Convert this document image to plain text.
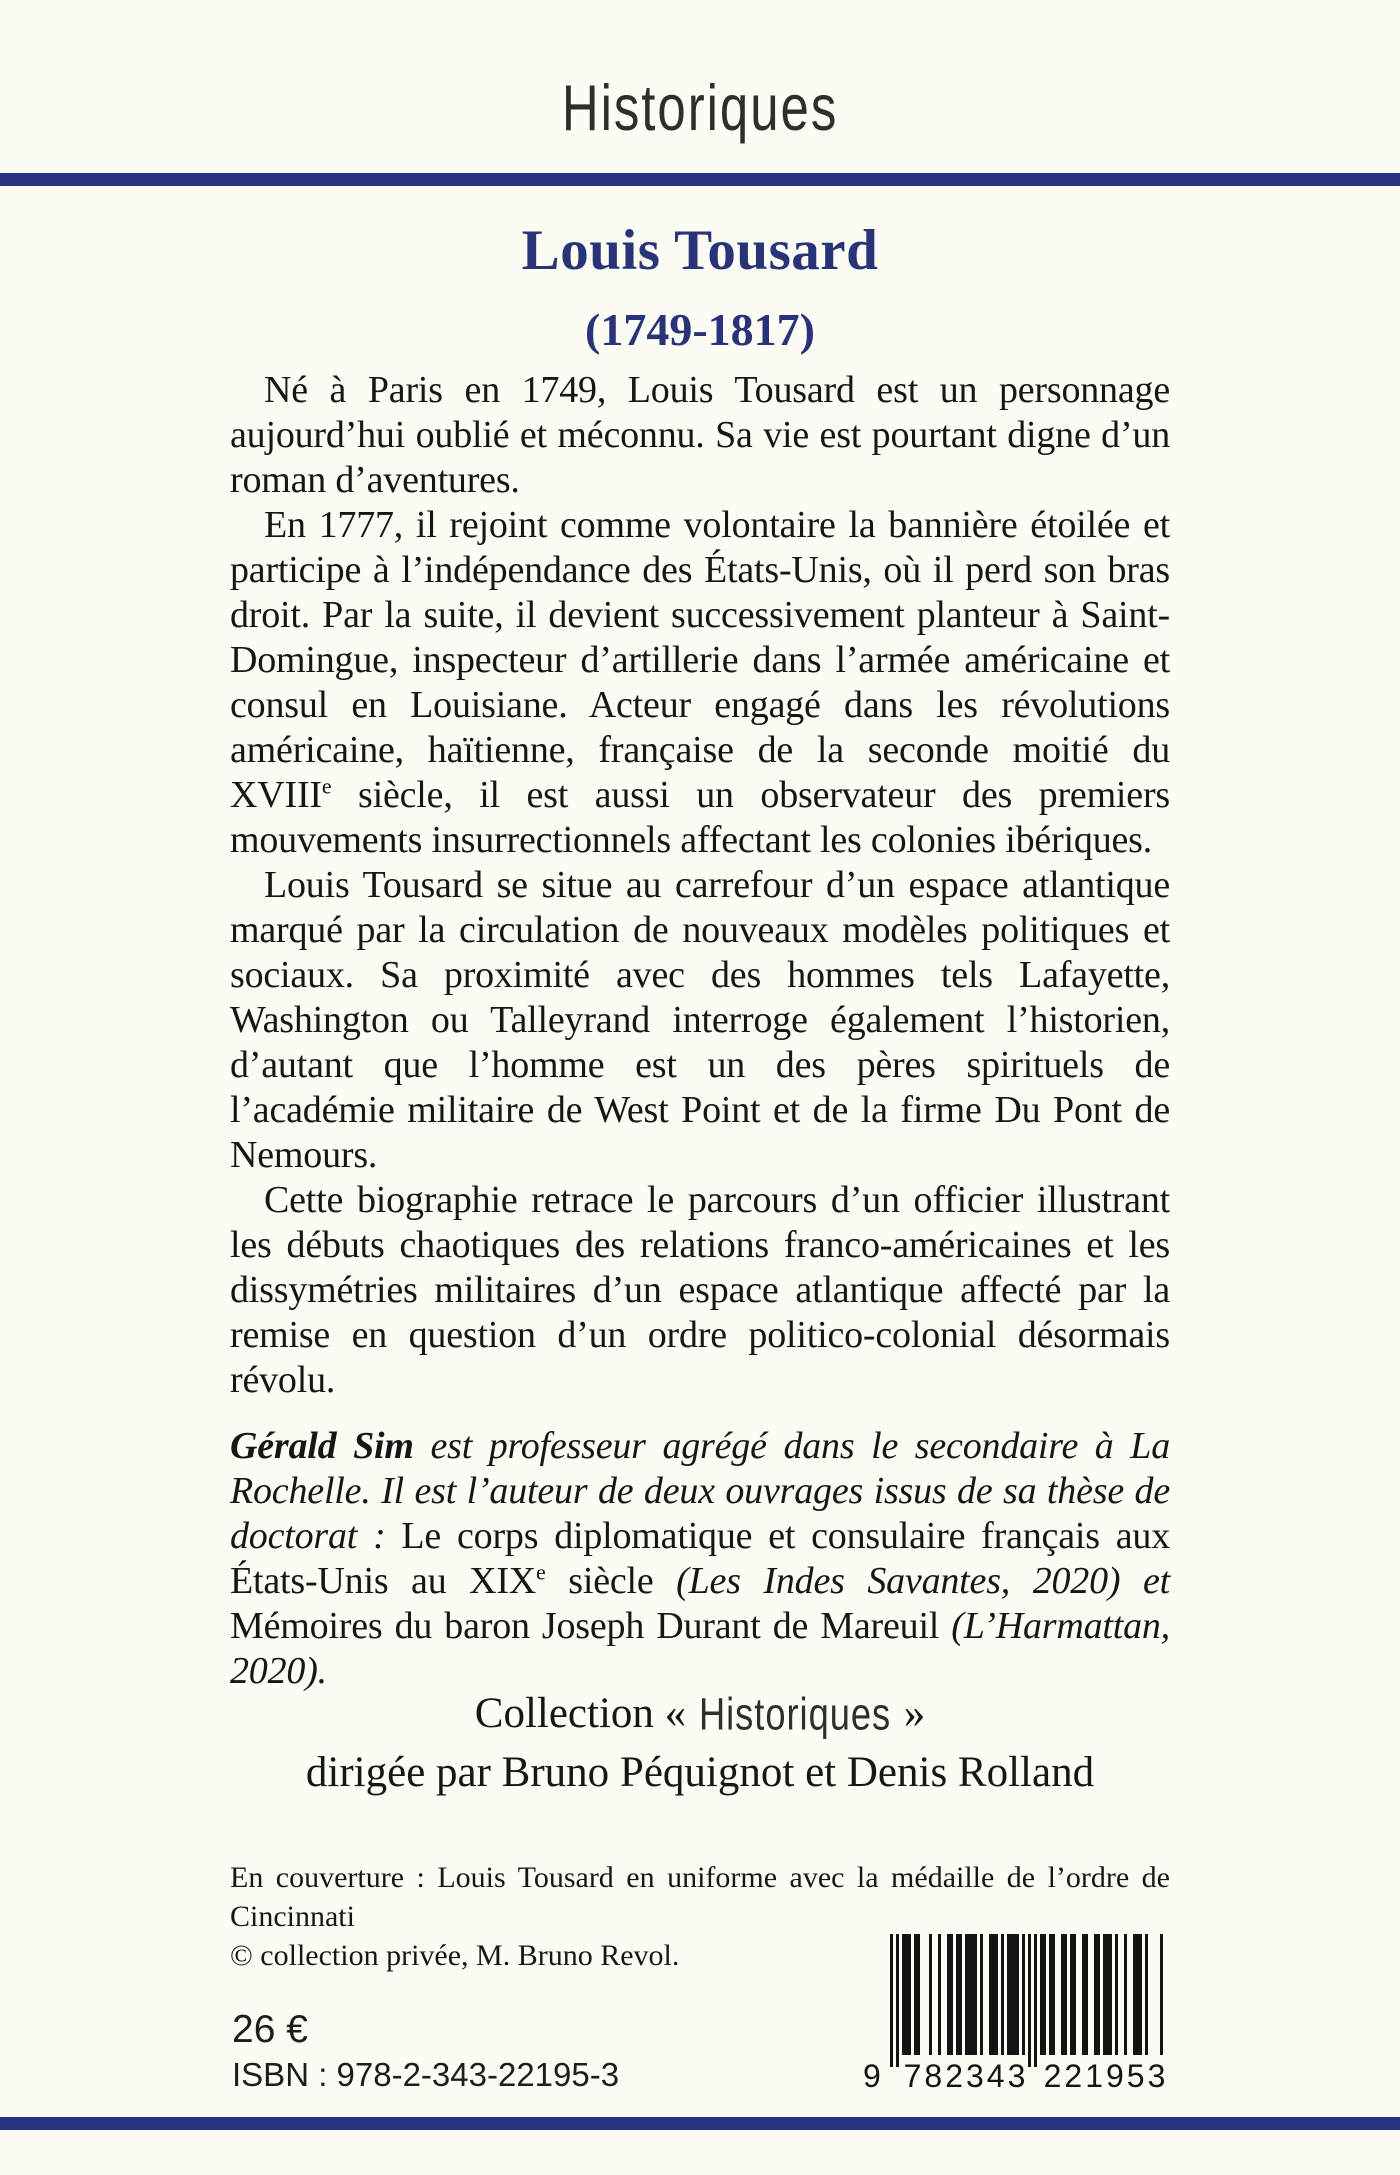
Historiques
Louis Tousard
(1749-1817)

Né à Paris en 1749, Louis Tousard est un personnage aujourd’hui oublié et méconnu. Sa vie est pourtant digne d’un roman d’aventures.

En 1777, il rejoint comme volontaire la bannière étoilée et participe à l’indépendance des États-Unis, où il perd son bras droit. Par la suite, il devient successivement planteur à Saint-Domingue, inspecteur d’artillerie dans l’armée américaine et consul en Louisiane. Acteur engagé dans les révolutions américaine, haïtienne, française de la seconde moitié du XVIIIe siècle, il est aussi un observateur des premiers mouvements insurrectionnels affectant les colonies ibériques.

Louis Tousard se situe au carrefour d’un espace atlantique marqué par la circulation de nouveaux modèles politiques et sociaux. Sa proximité avec des hommes tels Lafayette, Washington ou Talleyrand interroge également l’historien, d’autant que l’homme est un des pères spirituels de l’académie militaire de West Point et de la firme Du Pont de Nemours.

Cette biographie retrace le parcours d’un officier illustrant les débuts chaotiques des relations franco-américaines et les dissymétries militaires d’un espace atlantique affecté par la remise en question d’un ordre politico-colonial désormais révolu.

Gérald Sim est professeur agrégé dans le secondaire à La Rochelle. Il est l’auteur de deux ouvrages issus de sa thèse de doctorat : Le corps diplomatique et consulaire français aux États-Unis au XIXe siècle (Les Indes Savantes, 2020) et Mémoires du baron Joseph Durant de Mareuil (L’Harmattan, 2020).
Collection « Historiques »
dirigée par Bruno Péquignot et Denis Rolland
En couverture : Louis Tousard en uniforme avec la médaille de l’ordre de Cincinnati
© collection privée, M. Bruno Revol.
26 €
ISBN : 978-2-343-22195-3	9 782343 221953
